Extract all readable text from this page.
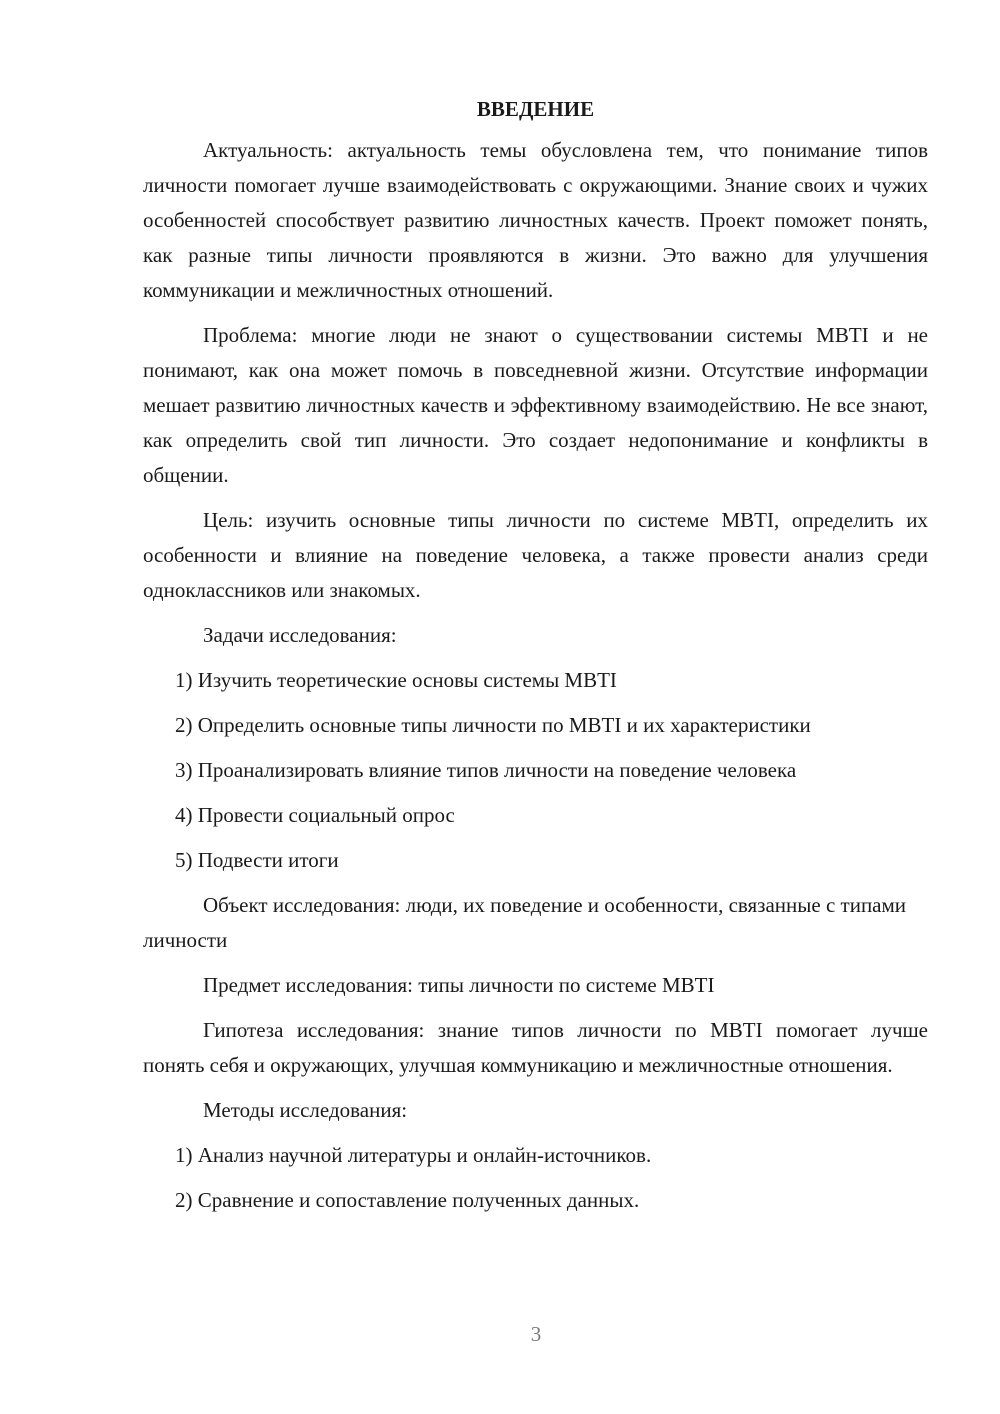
ВВЕДЕНИЕ

Актуальность: актуальность темы обусловлена тем, что понимание типов личности помогает лучше взаимодействовать с окружающими. Знание своих и чужих особенностей способствует развитию личностных качеств. Проект поможет понять, как разные типы личности проявляются в жизни. Это важно для улучшения коммуникации и межличностных отношений.

Проблема: многие люди не знают о существовании системы MBTI и не понимают, как она может помочь в повседневной жизни. Отсутствие информации мешает развитию личностных качеств и эффективному взаимодействию. Не все знают, как определить свой тип личности. Это создает недопонимание и конфликты в общении.

Цель: изучить основные типы личности по системе MBTI, определить их особенности и влияние на поведение человека, а также провести анализ среди одноклассников или знакомых.

Задачи исследования:

1) Изучить теоретические основы системы MBTI
2) Определить основные типы личности по MBTI и их характеристики
3) Проанализировать влияние типов личности на поведение человека
4) Провести социальный опрос
5) Подвести итоги

Объект исследования: люди, их поведение и особенности, связанные с типами личности

Предмет исследования: типы личности по системе MBTI

Гипотеза исследования: знание типов личности по MBTI помогает лучше понять себя и окружающих, улучшая коммуникацию и межличностные отношения.

Методы исследования:

1) Анализ научной литературы и онлайн-источников.
2) Сравнение и сопоставление полученных данных.
3
